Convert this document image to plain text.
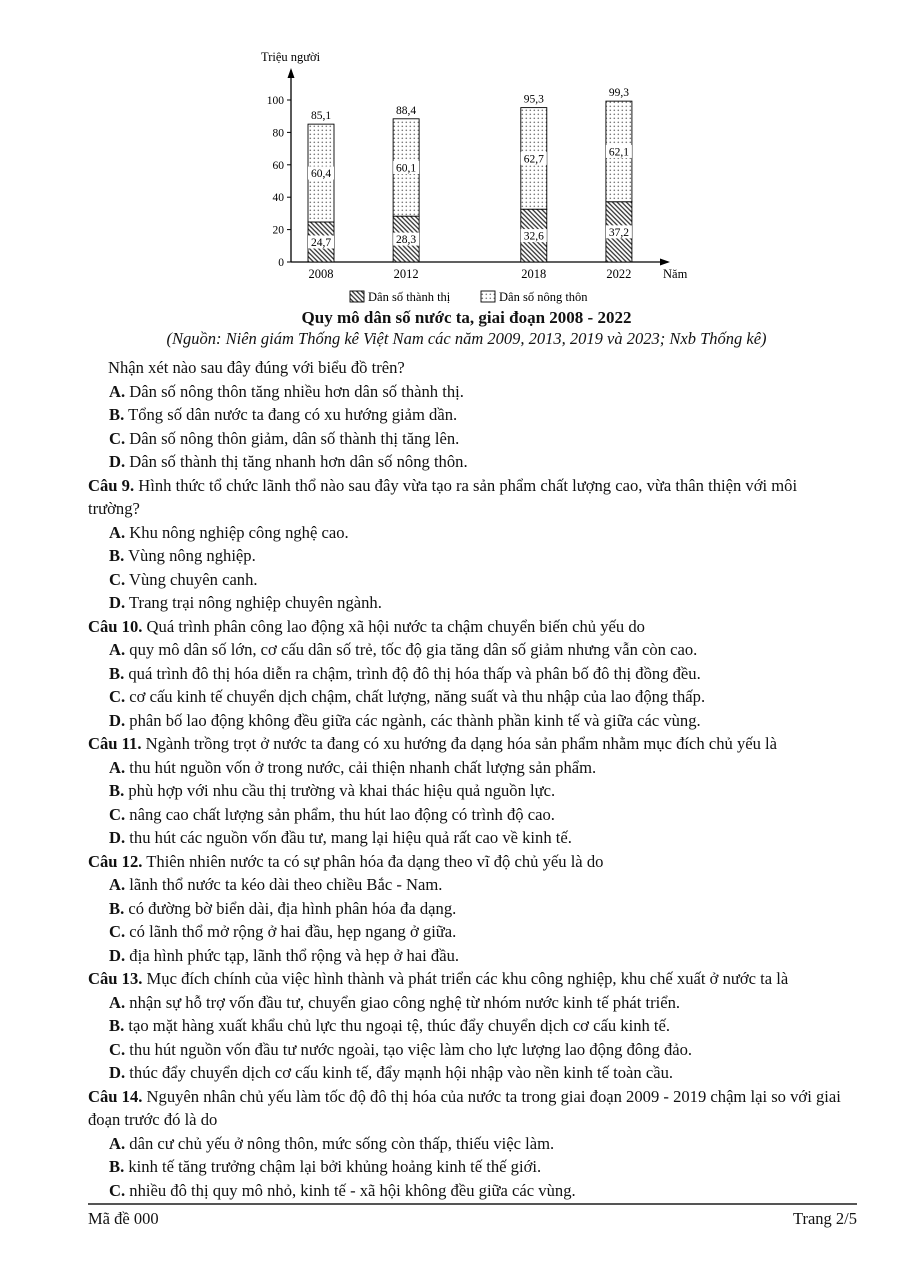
Triệu người
0
20
40
60
80
100
24,7
60,4
85,1
2008
28,3
60,1
88,4
2012
32,6
62,7
95,3
2018
37,2
62,1
99,3
2022	Năm
Dân số thành thị	Dân số nông thôn
Quy mô dân số nước ta, giai đoạn 2008 - 2022
(Nguồn: Niên giám Thống kê Việt Nam các năm 2009, 2013, 2019 và 2023; Nxb Thống kê)

Nhận xét nào sau đây đúng với biểu đồ trên?

A. Dân số nông thôn tăng nhiều hơn dân số thành thị.

B. Tổng số dân nước ta đang có xu hướng giảm dần.

C. Dân số nông thôn giảm, dân số thành thị tăng lên.

D. Dân số thành thị tăng nhanh hơn dân số nông thôn.

Câu 9. Hình thức tổ chức lãnh thổ nào sau đây vừa tạo ra sản phẩm chất lượng cao, vừa thân thiện với môi trường?

A. Khu nông nghiệp công nghệ cao.

B. Vùng nông nghiệp.

C. Vùng chuyên canh.

D. Trang trại nông nghiệp chuyên ngành.

Câu 10. Quá trình phân công lao động xã hội nước ta chậm chuyển biến chủ yếu do

A. quy mô dân số lớn, cơ cấu dân số trẻ, tốc độ gia tăng dân số giảm nhưng vẫn còn cao.

B. quá trình đô thị hóa diễn ra chậm, trình độ đô thị hóa thấp và phân bố đô thị đồng đều.

C. cơ cấu kinh tế chuyển dịch chậm, chất lượng, năng suất và thu nhập của lao động thấp.

D. phân bố lao động không đều giữa các ngành, các thành phần kinh tế và giữa các vùng.

Câu 11. Ngành trồng trọt ở nước ta đang có xu hướng đa dạng hóa sản phẩm nhằm mục đích chủ yếu là

A. thu hút nguồn vốn ở trong nước, cải thiện nhanh chất lượng sản phẩm.

B. phù hợp với nhu cầu thị trường và khai thác hiệu quả nguồn lực.

C. nâng cao chất lượng sản phẩm, thu hút lao động có trình độ cao.

D. thu hút các nguồn vốn đầu tư, mang lại hiệu quả rất cao về kinh tế.

Câu 12. Thiên nhiên nước ta có sự phân hóa đa dạng theo vĩ độ chủ yếu là do

A. lãnh thổ nước ta kéo dài theo chiều Bắc - Nam.

B. có đường bờ biển dài, địa hình phân hóa đa dạng.

C. có lãnh thổ mở rộng ở hai đầu, hẹp ngang ở giữa.

D. địa hình phức tạp, lãnh thổ rộng và hẹp ở hai đầu.

Câu 13. Mục đích chính của việc hình thành và phát triển các khu công nghiệp, khu chế xuất ở nước ta là

A. nhận sự hỗ trợ vốn đầu tư, chuyển giao công nghệ từ nhóm nước kinh tế phát triển.

B. tạo mặt hàng xuất khẩu chủ lực thu ngoại tệ, thúc đẩy chuyển dịch cơ cấu kinh tế.

C. thu hút nguồn vốn đầu tư nước ngoài, tạo việc làm cho lực lượng lao động đông đảo.

D. thúc đẩy chuyển dịch cơ cấu kinh tế, đẩy mạnh hội nhập vào nền kinh tế toàn cầu.

Câu 14. Nguyên nhân chủ yếu làm tốc độ đô thị hóa của nước ta trong giai đoạn 2009 - 2019 chậm lại so với giai đoạn trước đó là do

A. dân cư chủ yếu ở nông thôn, mức sống còn thấp, thiếu việc làm.

B. kinh tế tăng trưởng chậm lại bởi khủng hoảng kinh tế thế giới.

C. nhiều đô thị quy mô nhỏ, kinh tế - xã hội không đều giữa các vùng.

Mã đề 000	Trang 2/5
